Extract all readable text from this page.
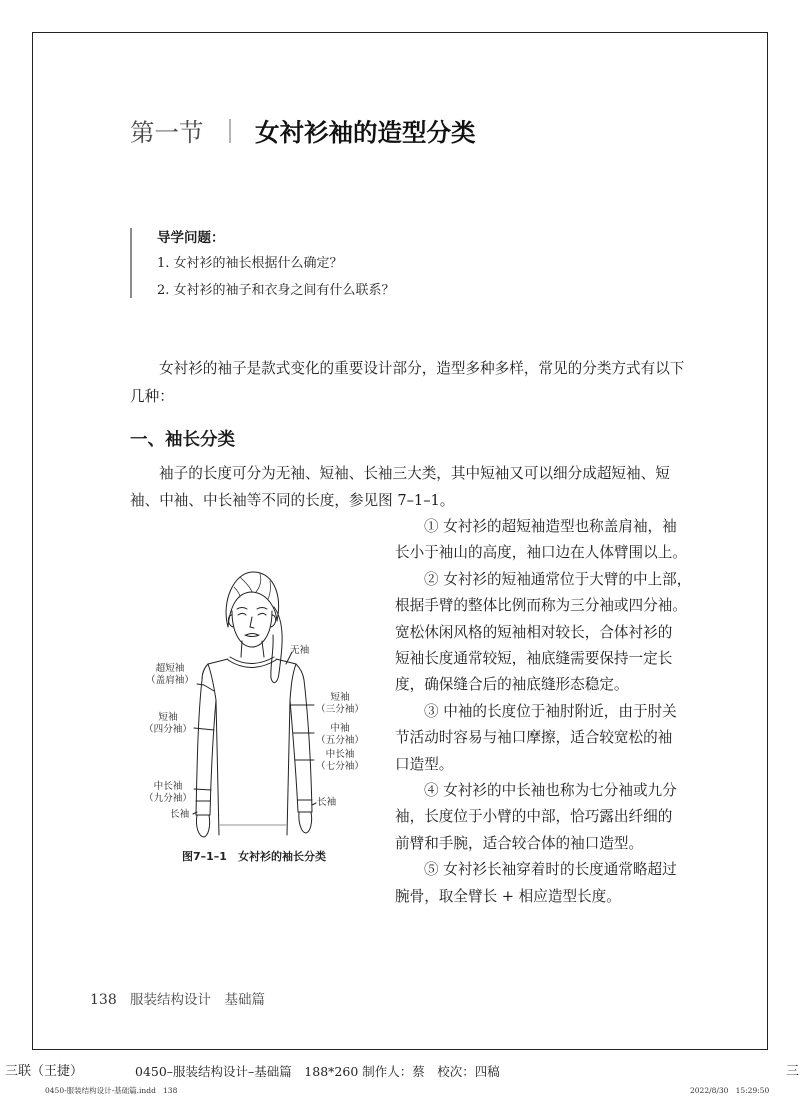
第一节 ｜ 女衬衫袖的造型分类
导学问题：
1. 女衬衫的袖长根据什么确定？
2. 女衬衫的袖子和衣身之间有什么联系？
女衬衫的袖子是款式变化的重要设计部分，造型多种多样，常见的分类方式有以下
几种：
一、袖长分类
袖子的长度可分为无袖、短袖、长袖三大类，其中短袖又可以细分成超短袖、短
袖、中袖、中长袖等不同的长度，参见图 7–1–1。
① 女衬衫的超短袖造型也称盖肩袖，袖
长小于袖山的高度，袖口边在人体臂围以上。
② 女衬衫的短袖通常位于大臂的中上部，
根据手臂的整体比例而称为三分袖或四分袖。
宽松休闲风格的短袖相对较长，合体衬衫的
短袖长度通常较短，袖底缝需要保持一定长
度，确保缝合后的袖底缝形态稳定。
③ 中袖的长度位于袖肘附近，由于肘关
节活动时容易与袖口摩擦，适合较宽松的袖
口造型。
④ 女衬衫的中长袖也称为七分袖或九分
袖，长度位于小臂的中部，恰巧露出纤细的
前臂和手腕，适合较合体的袖口造型。
⑤ 女衬衫长袖穿着时的长度通常略超过
腕骨，取全臂长 + 相应造型长度。
无袖
超短袖
（盖肩袖）
短袖
（四分袖）
中长袖
（九分袖）
长袖
短袖
（三分袖）
中袖
（五分袖）
中长袖
（七分袖）
长袖
图7–1–1　女衬衫的袖长分类
138 服装结构设计　基础篇
三联（王捷）	0450–服装结构设计–基础篇　188*260 制作人：蔡　校次：四稿	三
0450-服装结构设计-基础篇.indd   138	2022/8/30   15:29:50
